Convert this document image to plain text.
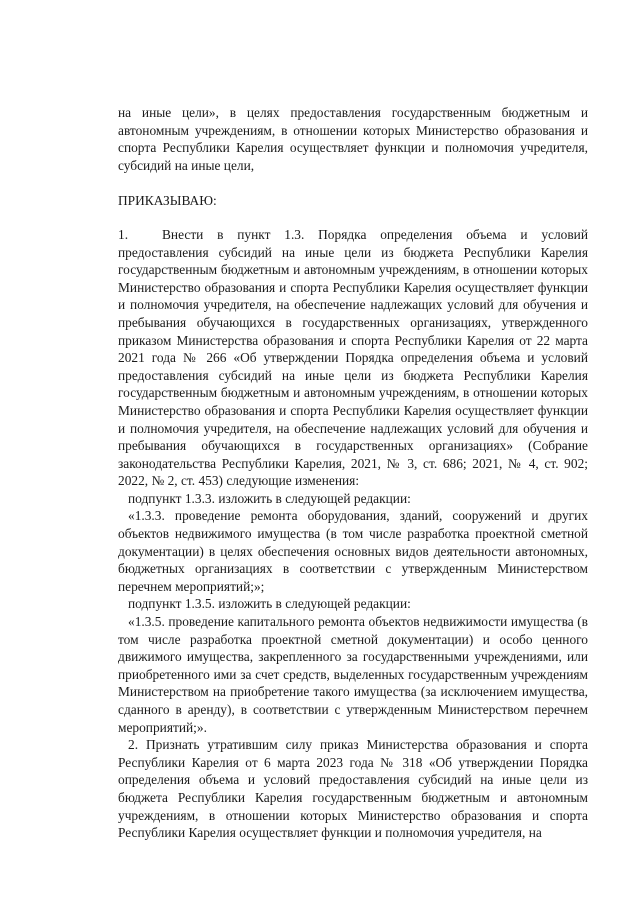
на иные цели», в целях предоставления государственным бюджетным и автономным учреждениям, в отношении которых Министерство образования и спорта Республики Карелия осуществляет функции и полномочия учредителя, субсидий на иные цели,

ПРИКАЗЫВАЮ:

1.	Внести в пункт 1.3. Порядка определения объема и условий предоставления субсидий на иные цели из бюджета Республики Карелия государственным бюджетным и автономным учреждениям, в отношении которых Министерство образования и спорта Республики Карелия осуществляет функции и полномочия учредителя, на обеспечение надлежащих условий для обучения и пребывания обучающихся в государственных организациях, утвержденного приказом Министерства образования и спорта Республики Карелия от 22 марта 2021 года № 266 «Об утверждении Порядка определения объема и условий предоставления субсидий на иные цели из бюджета Республики Карелия государственным бюджетным и автономным учреждениям, в отношении которых Министерство образования и спорта Республики Карелия осуществляет функции и полномочия учредителя, на обеспечение надлежащих условий для обучения и пребывания обучающихся в государственных организациях» (Собрание законодательства Республики Карелия, 2021, № 3, ст. 686; 2021, № 4, ст. 902; 2022, № 2, ст. 453) следующие изменения:

подпункт 1.3.3. изложить в следующей редакции:

«1.3.3. проведение ремонта оборудования, зданий, сооружений и других объектов недвижимого имущества (в том числе разработка проектной сметной документации) в целях обеспечения основных видов деятельности автономных, бюджетных организациях в соответствии с утвержденным Министерством перечнем мероприятий;»;

подпункт 1.3.5. изложить в следующей редакции:

«1.3.5. проведение капитального ремонта объектов недвижимости имущества (в том числе разработка проектной сметной документации) и особо ценного движимого имущества, закрепленного за государственными учреждениями, или приобретенного ими за счет средств, выделенных государственным учреждениям Министерством на приобретение такого имущества (за исключением имущества, сданного в аренду), в соответствии с утвержденным Министерством перечнем мероприятий;».

2. Признать утратившим силу приказ Министерства образования и спорта Республики Карелия от 6 марта 2023 года № 318 «Об утверждении Порядка определения объема и условий предоставления субсидий на иные цели из бюджета Республики Карелия государственным бюджетным и автономным учреждениям, в отношении которых Министерство образования и спорта Республики Карелия осуществляет функции и полномочия учредителя, на
